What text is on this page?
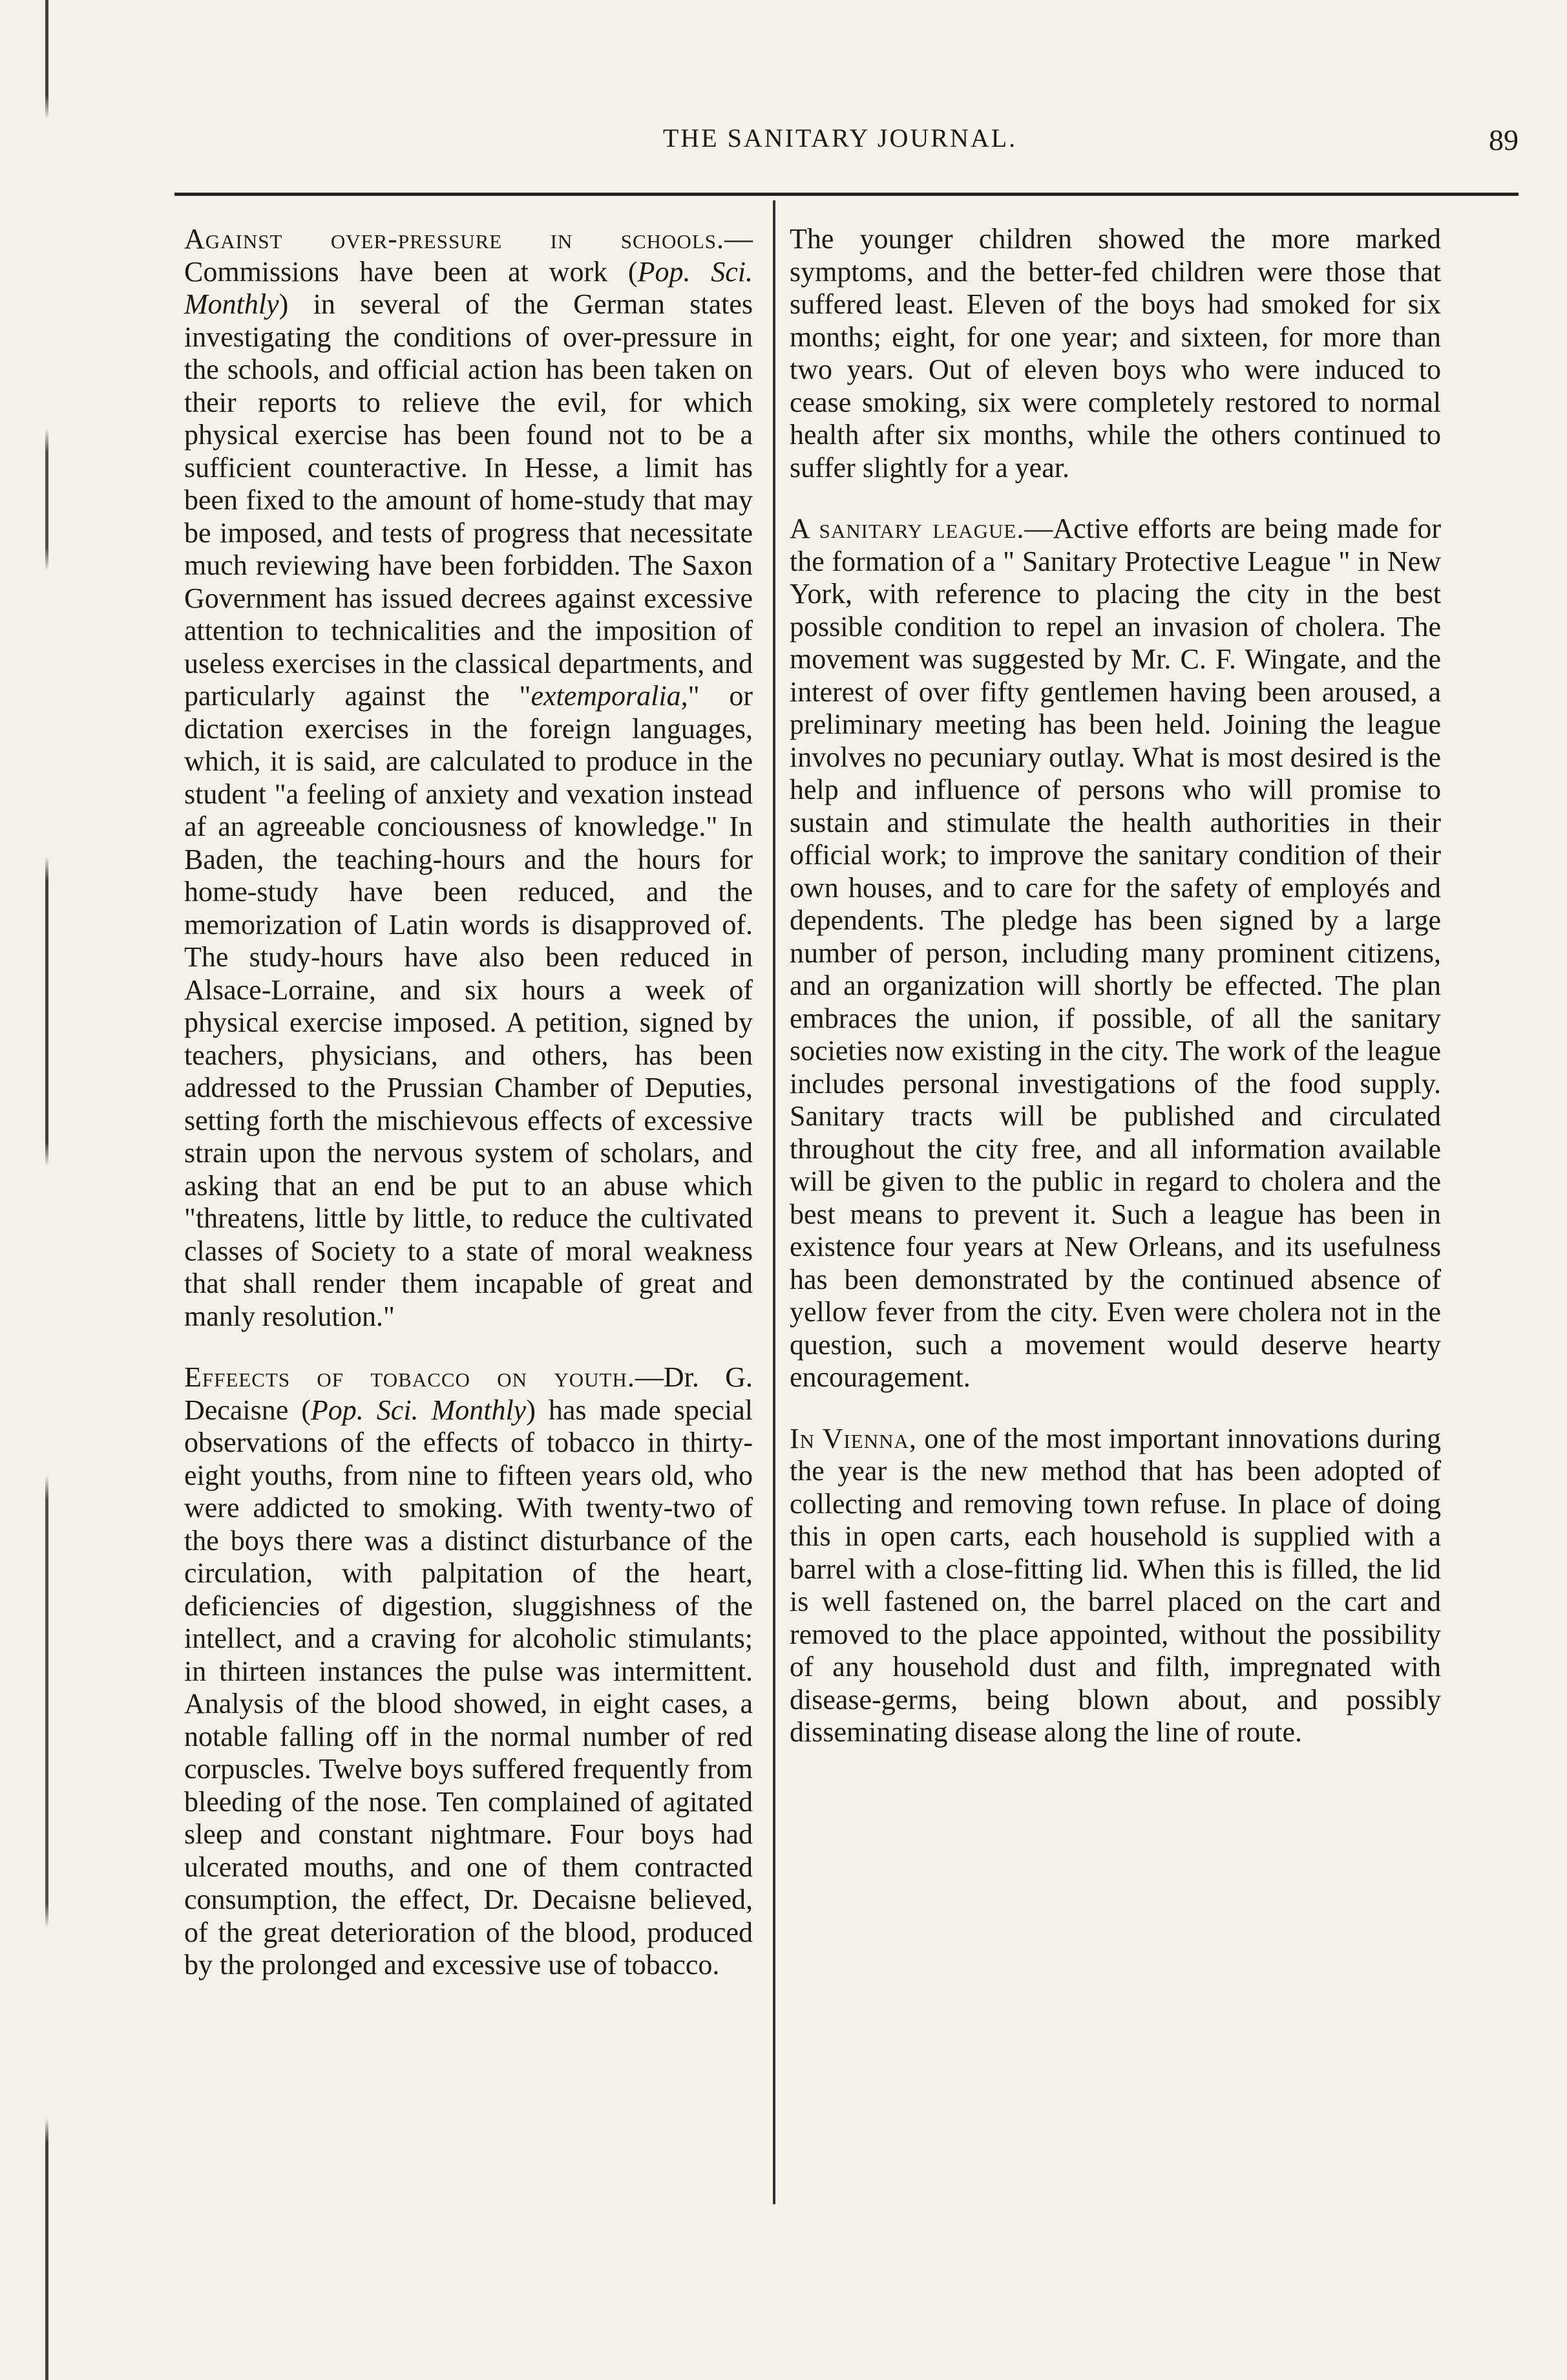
THE SANITARY JOURNAL.	89

Against over-pressure in schools.—Commissions have been at work (Pop. Sci. Monthly) in several of the German states investigating the conditions of over-pressure in the schools, and official action has been taken on their reports to relieve the evil, for which physical exercise has been found not to be a sufficient counteractive. In Hesse, a limit has been fixed to the amount of home-study that may be imposed, and tests of progress that necessitate much reviewing have been forbidden. The Saxon Government has issued decrees against excessive attention to technicalities and the imposition of useless exercises in the classical departments, and particularly against the "extemporalia," or dictation exercises in the foreign languages, which, it is said, are calculated to produce in the student "a feeling of anxiety and vexation instead af an agreeable conciousness of knowledge." In Baden, the teaching-hours and the hours for home-study have been reduced, and the memorization of Latin words is disapproved of. The study-hours have also been reduced in Alsace-Lorraine, and six hours a week of physical exercise imposed. A petition, signed by teachers, physicians, and others, has been addressed to the Prussian Chamber of Deputies, setting forth the mischievous effects of excessive strain upon the nervous system of scholars, and asking that an end be put to an abuse which "threatens, little by little, to reduce the cultivated classes of Society to a state of moral weakness that shall render them incapable of great and manly resolution."

Effeects of tobacco on youth.—Dr. G. Decaisne (Pop. Sci. Monthly) has made special observations of the effects of tobacco in thirty-eight youths, from nine to fifteen years old, who were addicted to smoking. With twenty-two of the boys there was a distinct disturbance of the circulation, with palpitation of the heart, deficiencies of digestion, sluggishness of the intellect, and a craving for alcoholic stimulants; in thirteen instances the pulse was intermittent. Analysis of the blood showed, in eight cases, a notable falling off in the normal number of red corpuscles. Twelve boys suffered frequently from bleeding of the nose. Ten complained of agitated sleep and constant nightmare. Four boys had ulcerated mouths, and one of them contracted consumption, the effect, Dr. Decaisne believed, of the great deterioration of the blood, produced by the prolonged and excessive use of tobacco.

The younger children showed the more marked symptoms, and the better-fed children were those that suffered least. Eleven of the boys had smoked for six months; eight, for one year; and sixteen, for more than two years. Out of eleven boys who were induced to cease smoking, six were completely restored to normal health after six months, while the others continued to suffer slightly for a year.

A sanitary league.—Active efforts are being made for the formation of a " Sanitary Protective League " in New York, with reference to placing the city in the best possible condition to repel an invasion of cholera. The movement was suggested by Mr. C. F. Wingate, and the interest of over fifty gentlemen having been aroused, a preliminary meeting has been held. Joining the league involves no pecuniary outlay. What is most desired is the help and influence of persons who will promise to sustain and stimulate the health authorities in their official work; to improve the sanitary condition of their own houses, and to care for the safety of employés and dependents. The pledge has been signed by a large number of person, including many prominent citizens, and an organization will shortly be effected. The plan embraces the union, if possible, of all the sanitary societies now existing in the city. The work of the league includes personal investigations of the food supply. Sanitary tracts will be published and circulated throughout the city free, and all information available will be given to the public in regard to cholera and the best means to prevent it. Such a league has been in existence four years at New Orleans, and its usefulness has been demonstrated by the continued absence of yellow fever from the city. Even were cholera not in the question, such a movement would deserve hearty encouragement.

In Vienna, one of the most important innovations during the year is the new method that has been adopted of collecting and removing town refuse. In place of doing this in open carts, each household is supplied with a barrel with a close-fitting lid. When this is filled, the lid is well fastened on, the barrel placed on the cart and removed to the place appointed, without the possibility of any household dust and filth, impregnated with disease-germs, being blown about, and possibly disseminating disease along the line of route.
